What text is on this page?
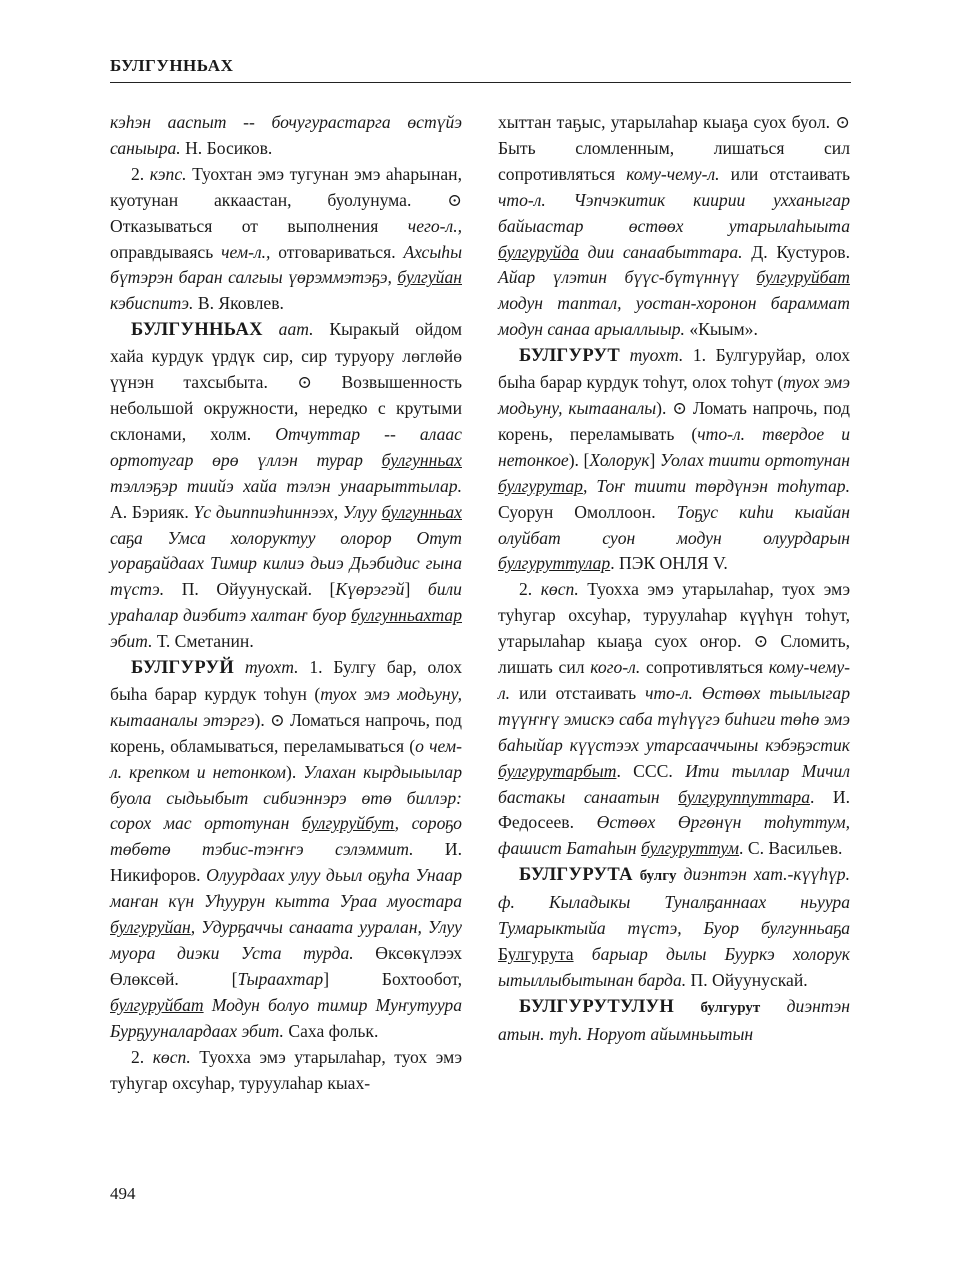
БУЛГУННЬАХ

кэһэн ааспыт -- бочугурастарга өстүйэ саныыра. Н. Босиков.

2. кэпс. Туохтан эмэ тугунан эмэ аһарынан, куотунан аккаастан, буолунума. ⊙ Отказываться от выполнения чего-л., оправдываясь чем-л., отговариваться. Ахсыһы бүтэрэн баран салгыы үөрэммэтэҕэ, булгуйан кэбиспитэ. В. Яковлев.

БУЛГУННЬАХ аат. Кыракый ойдом хайа курдук үрдүк сир, сир туруору лөглөйө үүнэн тахсыбыта. ⊙ Возвышенность небольшой окружности, нередко с крутыми склонами, холм. Отчуттар -- алаас ортотугар өрө үллэн турар булгунньах тэллэҕэр тиийэ хайа тэлэн унаарыттылар. А. Бэрияк. Үс дьиппиэһиннээх, Улуу булгунньах саҕа Умса холоруктуу олорор Отут уораҕайдаах Тимир килиэ дьиэ Дьэбидис гына түстэ. П. Ойуунускай. [Күөрэгэй] били ураһалар диэбитэ халтаҥ буор булгунньахтар эбит. Т. Сметанин.

БУЛГУРУЙ туохт. 1. Булгу бар, олох быһа барар курдук тоһун (туох эмэ модьуну, кытааналы этэргэ). ⊙ Ломаться напрочь, под корень, обламываться, переламываться (о чем-л. крепком и нетонком). Улахан кырдыыылар буола сыдьыбыт сибиэннэрэ өтө биллэр: сорох мас ортотунан булгуруйбут, сороҕо төбөтө тэбис-тэҥҥэ сэлэммит. И. Никифоров. Олуурдаах улуу дьыл оҕуһа Унаар маҥан күн Уһуурун кытта Ураа муостара булгуруйан, Удурҕаччы санаата ууралан, Улуу муора диэки Уста турда. Өксөкүлээх Өлөксөй. [Тыраахтар] Бохтообот, булгуруйбат Модун болуо тимир Муҥутуура Бурҕууналардаах эбит. Саха фольк.

2. көсп. Туохха эмэ утарылаһар, туох эмэ туһугар охсуһар, туруулаһар кыах-

хыттан таҕыс, утарылаһар кыаҕа суох буол. ⊙ Быть сломленным, лишаться сил сопротивляться кому-чему-л. или отстаивать что-л. Чэпчэкитик киирии ухханыгар байыастар өстөөх утарылаһыыта булгуруйда дии санаабыттара. Д. Кустуров. Айар үлэтин бүүс-бүтүннүү булгуруйбат модун таптал, уостан-хоронон бараммат модун санаа арыаллыыр. «Кыым».

БУЛГУРУТ туохт. 1. Булгуруйар, олох быһа барар курдук тоһут, олох тоһут (туох эмэ модьуну, кытааналы). ⊙ Ломать напрочь, под корень, переламывать (что-л. твердое и нетонкое). [Холорук] Уолах тиити ортотунан булгурутар, Тоҥ тиити төрдүнэн тоһутар. Суорун Омоллоон. Тоҕус киһи кыайан олуйбат суон модун олуурдарын булгуруттулар. ПЭК ОНЛЯ V.

2. көсп. Туохха эмэ утарылаһар, туох эмэ туһугар охсуһар, туруулаһар күүһүн тоһут, утарылаһар кыаҕа суох оҥор. ⊙ Сломить, лишать сил кого-л. сопротивляться кому-чему-л. или отстаивать что-л. Өстөөх тыылыгар түүҥҥү эмискэ саба түһүүгэ биһиги төһө эмэ баһыйар күүстээх утарсааччыны кэбэҕэстик булгурутарбыт. ССС. Ити тыллар Мичил бастакы санаатын булгуруппуттара. И. Федосеев. Өстөөх Өргөнүн тоһуттум, фашист Батаһын булгуруттум. С. Васильев.

БУЛГУРУТА булгу диэнтэн хат.-күүһүр. ф. Кыладыкы Туналҕаннаах ньуура Тумарыктыйа түстэ, Буор булгунньаҕа Булгурута барыар дылы Бууркэ холорук ытыллыбытынан барда. П. Ойуунускай.

БУЛГУРУТУЛУН булгурут диэнтэн атын. туһ. Норуот айымньытын

494
